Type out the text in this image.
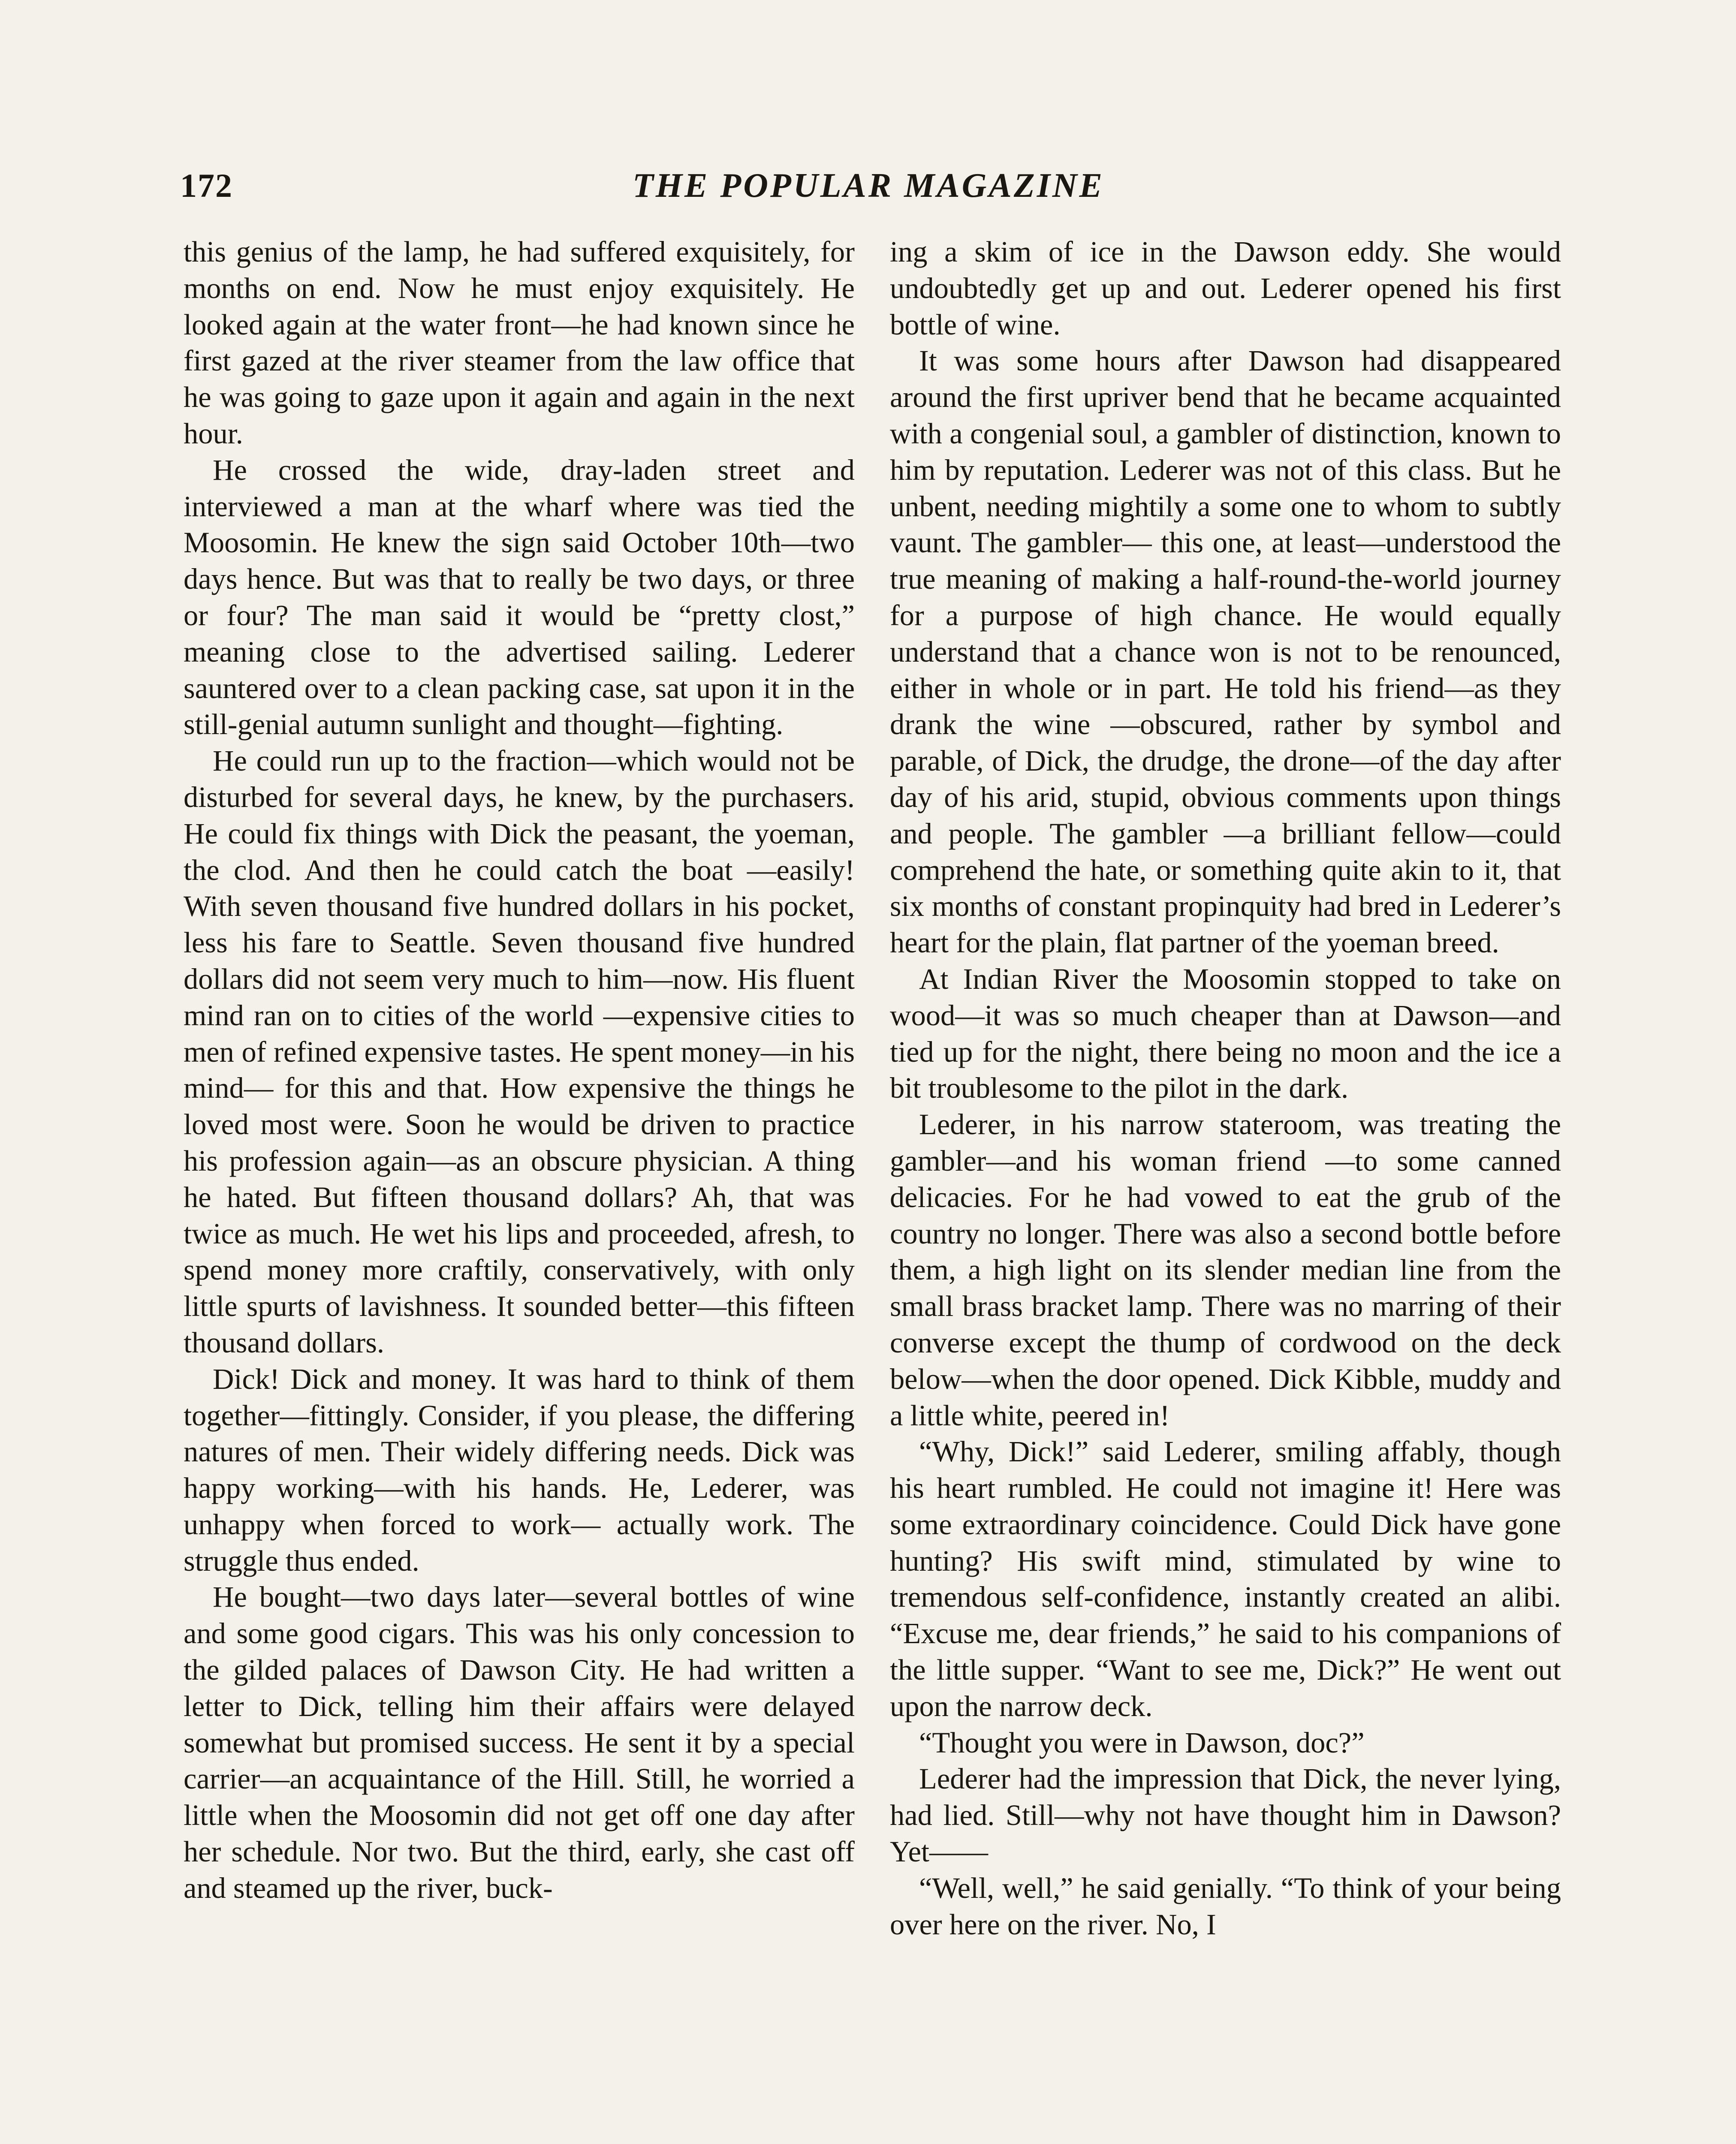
172	THE POPULAR MAGAZINE

this genius of the lamp, he had suffered exquisitely, for months on end. Now he must enjoy exquisitely. He looked again at the water front—he had known since he first gazed at the river steamer from the law office that he was going to gaze upon it again and again in the next hour.

He crossed the wide, dray-laden street and interviewed a man at the wharf where was tied the Moosomin. He knew the sign said October 10th—two days hence. But was that to really be two days, or three or four? The man said it would be “pretty clost,” meaning close to the advertised sailing. Lederer sauntered over to a clean packing case, sat upon it in the still-genial autumn sunlight and thought—fighting.

He could run up to the fraction—which would not be disturbed for several days, he knew, by the purchasers. He could fix things with Dick the peasant, the yoeman, the clod. And then he could catch the boat —easily! With seven thousand five hundred dollars in his pocket, less his fare to Seattle. Seven thousand five hundred dollars did not seem very much to him—now. His fluent mind ran on to cities of the world —expensive cities to men of refined expensive tastes. He spent money—in his mind— for this and that. How expensive the things he loved most were. Soon he would be driven to practice his profession again—as an obscure physician. A thing he hated. But fifteen thousand dollars? Ah, that was twice as much. He wet his lips and proceeded, afresh, to spend money more craftily, conservatively, with only little spurts of lavishness. It sounded better—this fifteen thousand dollars.

Dick! Dick and money. It was hard to think of them together—fittingly. Consider, if you please, the differing natures of men. Their widely differing needs. Dick was happy working—with his hands. He, Lederer, was unhappy when forced to work— actually work. The struggle thus ended.

He bought—two days later—several bottles of wine and some good cigars. This was his only concession to the gilded palaces of Dawson City. He had written a letter to Dick, telling him their affairs were delayed somewhat but promised success. He sent it by a special carrier—an acquaintance of the Hill. Still, he worried a little when the Moosomin did not get off one day after her schedule. Nor two. But the third, early, she cast off and steamed up the river, buck-

ing a skim of ice in the Dawson eddy. She would undoubtedly get up and out. Lederer opened his first bottle of wine.

It was some hours after Dawson had disappeared around the first upriver bend that he became acquainted with a congenial soul, a gambler of distinction, known to him by reputation. Lederer was not of this class. But he unbent, needing mightily a some one to whom to subtly vaunt. The gambler— this one, at least—understood the true meaning of making a half-round-the-world journey for a purpose of high chance. He would equally understand that a chance won is not to be renounced, either in whole or in part. He told his friend—as they drank the wine —obscured, rather by symbol and parable, of Dick, the drudge, the drone—of the day after day of his arid, stupid, obvious comments upon things and people. The gambler —a brilliant fellow—could comprehend the hate, or something quite akin to it, that six months of constant propinquity had bred in Lederer’s heart for the plain, flat partner of the yoeman breed.

At Indian River the Moosomin stopped to take on wood—it was so much cheaper than at Dawson—and tied up for the night, there being no moon and the ice a bit troublesome to the pilot in the dark.

Lederer, in his narrow stateroom, was treating the gambler—and his woman friend —to some canned delicacies. For he had vowed to eat the grub of the country no longer. There was also a second bottle before them, a high light on its slender median line from the small brass bracket lamp. There was no marring of their converse except the thump of cordwood on the deck below—when the door opened. Dick Kibble, muddy and a little white, peered in!

“Why, Dick!” said Lederer, smiling affably, though his heart rumbled. He could not imagine it! Here was some extraordinary coincidence. Could Dick have gone hunting? His swift mind, stimulated by wine to tremendous self-confidence, instantly created an alibi. “Excuse me, dear friends,” he said to his companions of the little supper. “Want to see me, Dick?” He went out upon the narrow deck.

“Thought you were in Dawson, doc?”

Lederer had the impression that Dick, the never lying, had lied. Still—why not have thought him in Dawson? Yet——

“Well, well,” he said genially. “To think of your being over here on the river. No, I
